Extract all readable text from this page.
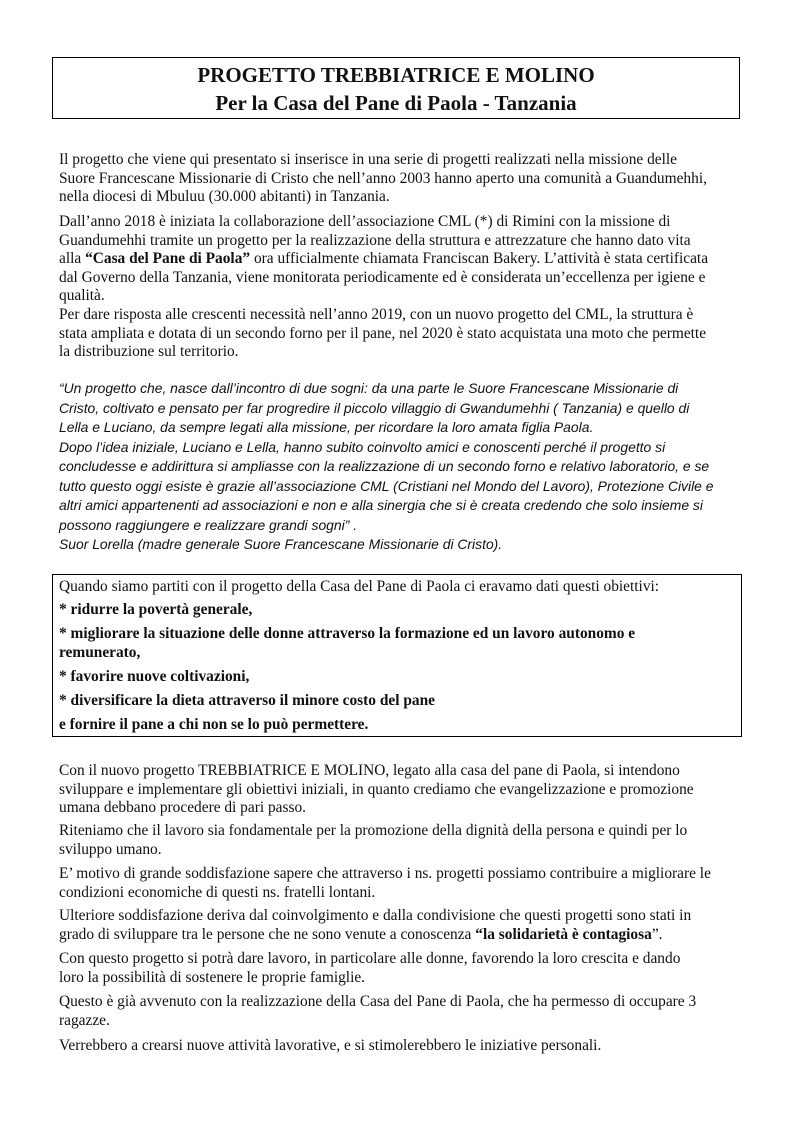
PROGETTO TREBBIATRICE E MOLINO
Per la Casa del Pane di Paola - Tanzania

Il progetto che viene qui presentato si inserisce in una serie di progetti realizzati nella missione delle

Suore Francescane Missionarie di Cristo che nell’anno 2003 hanno aperto una comunità a Guandumehhi,

nella diocesi di Mbuluu (30.000 abitanti) in Tanzania.

Dall’anno 2018 è iniziata la collaborazione dell’associazione CML (*) di Rimini con la missione di

Guandumehhi tramite un progetto per la realizzazione della struttura e attrezzature che hanno dato vita

alla “Casa del Pane di Paola” ora ufficialmente chiamata Franciscan Bakery. L’attività è stata certificata

dal Governo della Tanzania, viene monitorata periodicamente ed è considerata un’eccellenza per igiene e

qualità.

Per dare risposta alle crescenti necessità nell’anno 2019, con un nuovo progetto del CML, la struttura è

stata ampliata e dotata di un secondo forno per il pane, nel 2020 è stato acquistata una moto che permette

la distribuzione sul territorio.

“Un progetto che, nasce dall’incontro di due sogni: da una parte le Suore Francescane Missionarie di

Cristo, coltivato e pensato per far progredire il piccolo villaggio di Gwandumehhi ( Tanzania) e quello di

Lella e Luciano, da sempre legati alla missione, per ricordare la loro amata figlia Paola.

Dopo l’idea iniziale, Luciano e Lella, hanno subito coinvolto amici e conoscenti perché il progetto si

concludesse e addirittura si ampliasse con la realizzazione di un secondo forno e relativo laboratorio, e se

tutto questo oggi esiste è grazie all’associazione CML (Cristiani nel Mondo del Lavoro), Protezione Civile e

altri amici appartenenti ad associazioni e non e alla sinergia che si è creata credendo che solo insieme si

possono raggiungere e realizzare grandi sogni” .

Suor Lorella (madre generale Suore Francescane Missionarie di Cristo).

Quando siamo partiti con il progetto della Casa del Pane di Paola ci eravamo dati questi obiettivi:

* ridurre la povertà generale,

* migliorare la situazione delle donne attraverso la formazione ed un lavoro autonomo e

remunerato,

* favorire nuove coltivazioni,

* diversificare la dieta attraverso il minore costo del pane

e fornire il pane a chi non se lo può permettere.

Con il nuovo progetto TREBBIATRICE E MOLINO, legato alla casa del pane di Paola, si intendono

sviluppare e implementare gli obiettivi iniziali, in quanto crediamo che evangelizzazione e promozione

umana debbano procedere di pari passo.

Riteniamo che il lavoro sia fondamentale per la promozione della dignità della persona e quindi per lo

sviluppo umano.

E’ motivo di grande soddisfazione sapere che attraverso i ns. progetti possiamo contribuire a migliorare le

condizioni economiche di questi ns. fratelli lontani.

Ulteriore soddisfazione deriva dal coinvolgimento e dalla condivisione che questi progetti sono stati in

grado di sviluppare tra le persone che ne sono venute a conoscenza “la solidarietà è contagiosa”.

Con questo progetto si potrà dare lavoro, in particolare alle donne, favorendo la loro crescita e dando

loro la possibilità di sostenere le proprie famiglie.

Questo è già avvenuto con la realizzazione della Casa del Pane di Paola, che ha permesso di occupare 3

ragazze.

Verrebbero a crearsi nuove attività lavorative, e si stimolerebbero le iniziative personali.
